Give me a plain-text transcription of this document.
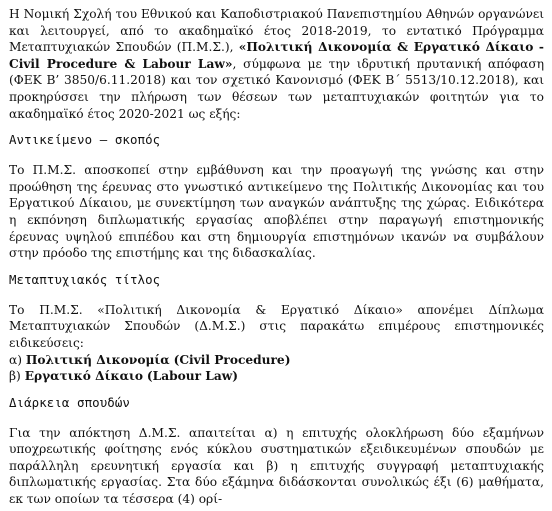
Η Νομική Σχολή του Εθνικού και Καποδιστριακού Πανεπιστημίου Αθηνών οργανώνει και λειτουργεί, από το ακαδημαϊκό έτος 2018-2019, το εντατικό Πρόγραμμα Μεταπτυχιακών Σπουδών (Π.Μ.Σ.), «Πολιτική Δικονομία & Εργατικό Δίκαιο - Civil Procedure & Labour Law», σύμφωνα με την ιδρυτική πρυτανική απόφαση (ΦΕΚ Β’ 3850/6.11.2018) και τον σχετικό Κανονισμό (ΦΕΚ Β΄ 5513/10.12.2018), και προκηρύσσει την πλήρωση των θέσεων των μεταπτυχιακών φοιτητών για το ακαδημαϊκό έτος 2020-2021 ως εξής:

Αντικείμενο – σκοπός

Το Π.Μ.Σ. αποσκοπεί στην εμβάθυνση και την προαγωγή της γνώσης και στην προώθηση της έρευνας στο γνωστικό αντικείμενο της Πολιτικής Δικονομίας και του Εργατικού Δίκαιου, με συνεκτίμηση των αναγκών ανάπτυξης της χώρας. Ειδικότερα η εκπόνηση διπλωματικής εργασίας αποβλέπει στην παραγωγή επιστημονικής έρευνας υψηλού επιπέδου και στη δημιουργία επιστημόνων ικανών να συμβάλουν στην πρόοδο της επιστήμης και της διδασκαλίας.

Μεταπτυχιακός τίτλος

Το Π.Μ.Σ. «Πολιτική Δικονομία & Εργατικό Δίκαιο» απονέμει Δίπλωμα Μεταπτυχιακών Σπουδών (Δ.Μ.Σ.) στις παρακάτω επιμέρους επιστημονικές ειδικεύσεις:

α) Πολιτική Δικονομία (Civil Procedure)
β) Εργατικό Δίκαιο (Labour Law)
Διάρκεια σπουδών

Για την απόκτηση Δ.Μ.Σ. απαιτείται α) η επιτυχής ολοκλήρωση δύο εξαμήνων υποχρεωτικής φοίτησης ενός κύκλου συστηματικών εξειδικευμένων σπουδών με παράλληλη ερευνητική εργασία και β) η επιτυχής συγγραφή μεταπτυχιακής διπλωματικής εργασίας. Στα δύο εξάμηνα διδάσκονται συνολικώς έξι (6) μαθήματα, εκ των οποίων τα τέσσερα (4) ορί-
